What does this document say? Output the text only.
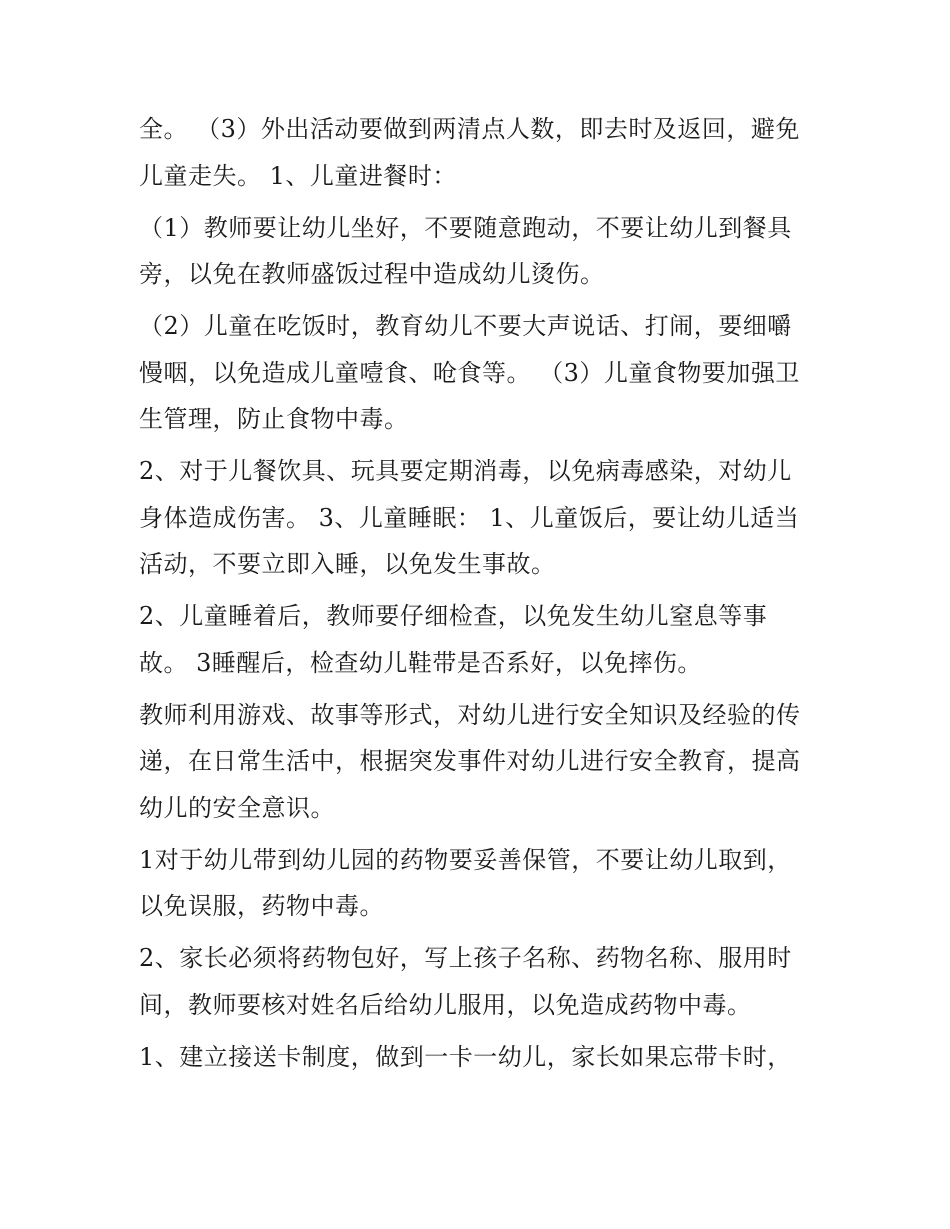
全。 （3）外出活动要做到两清点人数，即去时及返回，避免
儿童走失。 1、儿童进餐时：
（1）教师要让幼儿坐好，不要随意跑动，不要让幼儿到餐具
旁，以免在教师盛饭过程中造成幼儿烫伤。
（2）儿童在吃饭时，教育幼儿不要大声说话、打闹，要细嚼
慢咽，以免造成儿童噎食、呛食等。 （3）儿童食物要加强卫
生管理，防止食物中毒。
2、对于儿餐饮具、玩具要定期消毒，以免病毒感染，对幼儿
身体造成伤害。 3、儿童睡眠： 1、儿童饭后，要让幼儿适当
活动，不要立即入睡，以免发生事故。
2、儿童睡着后，教师要仔细检查，以免发生幼儿窒息等事
故。 3睡醒后，检查幼儿鞋带是否系好，以免摔伤。
教师利用游戏、故事等形式，对幼儿进行安全知识及经验的传
递，在日常生活中，根据突发事件对幼儿进行安全教育，提高
幼儿的安全意识。
1对于幼儿带到幼儿园的药物要妥善保管，不要让幼儿取到，
以免误服，药物中毒。
2、家长必须将药物包好，写上孩子名称、药物名称、服用时
间，教师要核对姓名后给幼儿服用，以免造成药物中毒。
1、建立接送卡制度，做到一卡一幼儿，家长如果忘带卡时，
